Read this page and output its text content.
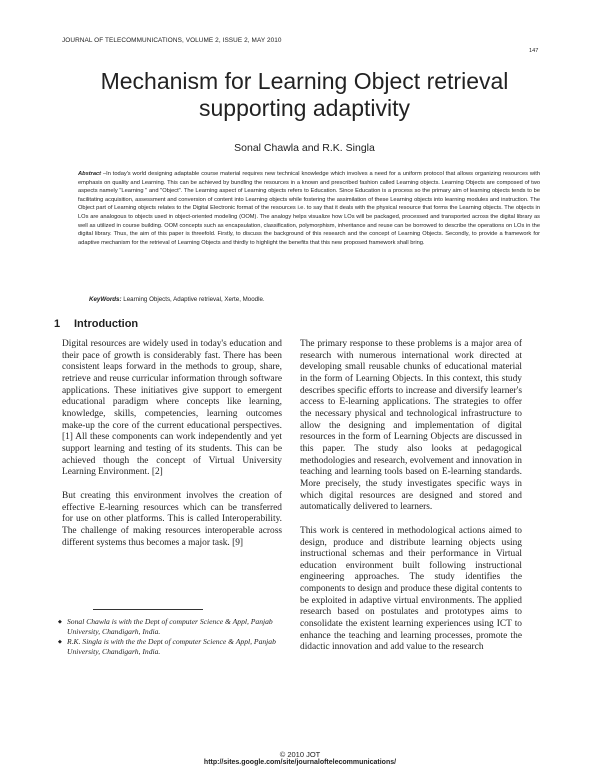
JOURNAL OF TELECOMMUNICATIONS, VOLUME 2, ISSUE 2, MAY 2010
147
Mechanism for Learning Object retrieval supporting adaptivity
Sonal Chawla and R.K. Singla

Abstract –In today's world designing adaptable course material requires new technical knowledge which involves a need for a uniform protocol that allows organizing resources with emphasis on quality and Learning. This can be achieved by bundling the resources in a known and prescribed fashion called Learning objects. Learning Objects are composed of two aspects namely "Learning " and "Object". The Learning aspect of Learning objects refers to Education. Since Education is a process so the primary aim of learning objects tends to be facilitating acquisition, assessment and conversion of content into Learning objects while fostering the assimilation of these Learning objects into learning modules and instruction. The Object part of Learning objects relates to the Digital Electronic format of the resources i.e. to say that it deals with the physical resource that forms the Learning objects. The objects in LOs are analogous to objects used in object-oriented modeling (OOM). The analogy helps visualize how LOs will be packaged, processed and transported across the digital library as well as utilized in course building. OOM concepts such as encapsulation, classification, polymorphism, inheritance and reuse can be borrowed to describe the operations on LOs in the digital library. Thus, the aim of this paper is threefold. Firstly, to discuss the background of this research and the concept of Learning Objects. Secondly, to provide a framework for adaptive mechanism for the retrieval of Learning Objects and thirdly to highlight the benefits that this new proposed framework shall bring.

KeyWords: Learning Objects, Adaptive retrieval, Xerte, Moodle.
1 Introduction

Digital resources are widely used in today's education and their pace of growth is considerably fast. There has been consistent leaps forward in the methods to group, share, retrieve and reuse curricular information through software applications. These initiatives give support to emergent educational paradigm where concepts like learning, knowledge, skills, competencies, learning outcomes make-up the core of the current educational perspectives. [1] All these components can work independently and yet support learning and testing of its students. This can be achieved though the concept of Virtual University Learning Environment. [2]

But creating this environment involves the creation of effective E-learning resources which can be transferred for use on other platforms. This is called Interoperability. The challenge of making resources interoperable across different systems thus becomes a major task. [9]

The primary response to these problems is a major area of research with numerous international work directed at developing small reusable chunks of educational material in the form of Learning Objects. In this context, this study describes specific efforts to increase and diversify learner's access to E-learning applications. The strategies to offer the necessary physical and technological infrastructure to allow the designing and implementation of digital resources in the form of Learning Objects are discussed in this paper. The study also looks at pedagogical methodologies and research, evolvement and innovation in teaching and learning tools based on E-learning standards. More precisely, the study investigates specific ways in which digital resources are designed and stored and automatically delivered to learners.

This work is centered in methodological actions aimed to design, produce and distribute learning objects using instructional schemas and their performance in Virtual education environment built following instructional engineering approaches. The study identifies the components to design and produce these digital contents to be exploited in adaptive virtual environments. The applied research based on postulates and prototypes aims to consolidate the existent learning experiences using ICT to enhance the teaching and learning processes, promote the didactic innovation and add value to the research

◆ Sonal Chawla is with the Dept of computer Science & Appl, Panjab University, Chandigarh, India.
◆ R.K. Singla is with the the Dept of computer Science & Appl, Panjab University, Chandigarh, India.
© 2010 JOT
http://sites.google.com/site/journaloftelecommunications/
